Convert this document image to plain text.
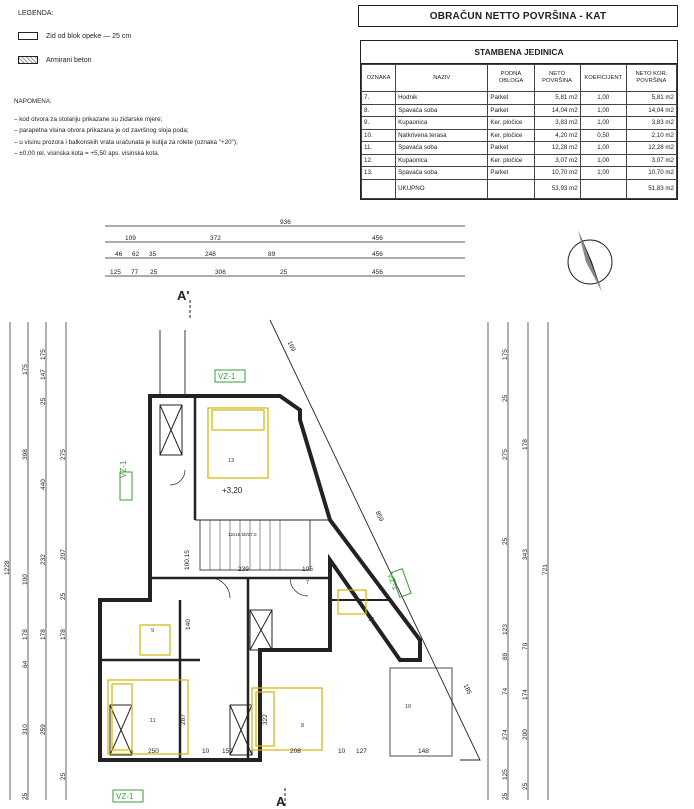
LEGENDA:
Zid od blok opeke — 25 cm
Armirani beton
NAPOMENA:
– kod otvora za stolariju prikazane su zidarske mjere;
– parapetna visina otvora prikazana je od završnog sloja poda;
– u visinu prozora i balkonskih vrata uračunata je kutija za rolete (oznaka "+20");
– ±0,00 rel. visinska kota = +5,50 aps. visinska kota.
OBRAČUN NETTO POVRŠINA - KAT
STAMBENA JEDINICA
OZNAKA	NAZIV	PODNA OBLOGA	NETO POVRŠINA	KOEFICIJENT	NETO KOR. POVRŠINA
7.	Hodnik	Parket	5,81 m2	1,00	5,81 m2
8.	Spavaća soba	Parket	14,04 m2	1,00	14,04 m2
9.	Kupaonica	Ker. pločice	3,83 m2	1,00	3,83 m2
10.	Natkrivena terasa	Ker. pločice	4,20 m2	0,50	2,10 m2
11.	Spavaća soba	Parket	12,28 m2	1,00	12,28 m2
12.	Kupaonica	Ker. pločice	3,07 m2	1,00	3,07 m2
13.	Spavaća soba	Parket	10,70 m2	1,00	10,70 m2
	UKUPNO		53,93 m2		51,83 m2
A'
A
+3,20
12x16.50/27.0
VZ-1
VZ-1
VZ-1
VZ-1
936
109	372	456
46 62 35	248	89	456
125 77 25	306	25	456
1228
175
398
100
178
64
310
25
175
147
25
440
232
178
259
275
207
25
178
25
721
178
343
70
174
200
25
175
25
275
25
123
89
74
274
125
25
250	10 150	208	10 127	148
169
859
185
239	105
140
287	322
100.15
13
7
9
12
11
8
10
